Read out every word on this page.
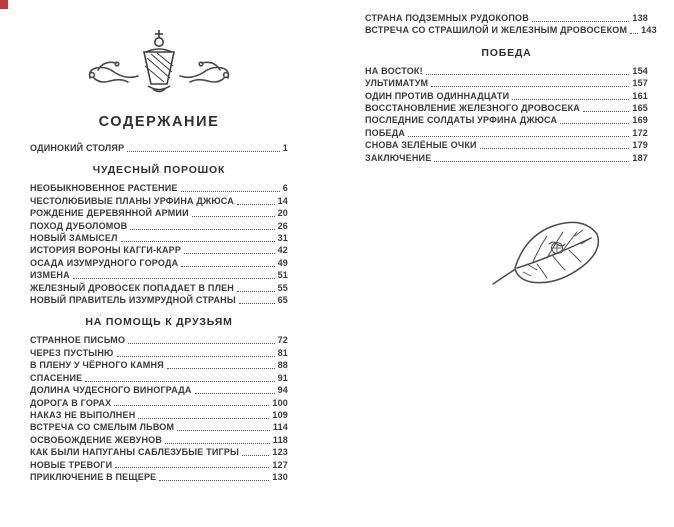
СОДЕРЖАНИЕ
ОДИНОКИЙ СТОЛЯР	1
ЧУДЕСНЫЙ ПОРОШОК
НЕОБЫКНОВЕННОЕ РАСТЕНИЕ	6
ЧЕСТОЛЮБИВЫЕ ПЛАНЫ УРФИНА ДЖЮСА	14
РОЖДЕНИЕ ДЕРЕВЯННОЙ АРМИИ	20
ПОХОД ДУБОЛОМОВ	26
НОВЫЙ ЗАМЫСЕЛ	31
ИСТОРИЯ ВОРОНЫ КАГГИ-КАРР	42
ОСАДА ИЗУМРУДНОГО ГОРОДА	49
ИЗМЕНА	51
ЖЕЛЕЗНЫЙ ДРОВОСЕК ПОПАДАЕТ В ПЛЕН	55
НОВЫЙ ПРАВИТЕЛЬ ИЗУМРУДНОЙ СТРАНЫ	65
НА ПОМОЩЬ К ДРУЗЬЯМ
СТРАННОЕ ПИСЬМО	72
ЧЕРЕЗ ПУСТЫНЮ	81
В ПЛЕНУ У ЧЁРНОГО КАМНЯ	88
СПАСЕНИЕ	91
ДОЛИНА ЧУДЕСНОГО ВИНОГРАДА	94
ДОРОГА В ГОРАХ	100
НАКАЗ НЕ ВЫПОЛНЕН	109
ВСТРЕЧА СО СМЕЛЫМ ЛЬВОМ	114
ОСВОБОЖДЕНИЕ ЖЕВУНОВ	118
КАК БЫЛИ НАПУГАНЫ САБЛЕЗУБЫЕ ТИГРЫ	123
НОВЫЕ ТРЕВОГИ	127
ПРИКЛЮЧЕНИЕ В ПЕЩЕРЕ	130
СТРАНА ПОДЗЕМНЫХ РУДОКОПОВ	138
ВСТРЕЧА СО СТРАШИЛОЙ И ЖЕЛЕЗНЫМ ДРОВОСЕКОМ 143
ПОБЕДА
НА ВОСТОК!	154
УЛЬТИМАТУМ	157
ОДИН ПРОТИВ ОДИННАДЦАТИ	161
ВОССТАНОВЛЕНИЕ ЖЕЛЕЗНОГО ДРОВОСЕКА	165
ПОСЛЕДНИЕ СОЛДАТЫ УРФИНА ДЖЮСА	169
ПОБЕДА	172
СНОВА ЗЕЛЁНЫЕ ОЧКИ	179
ЗАКЛЮЧЕНИЕ	187
